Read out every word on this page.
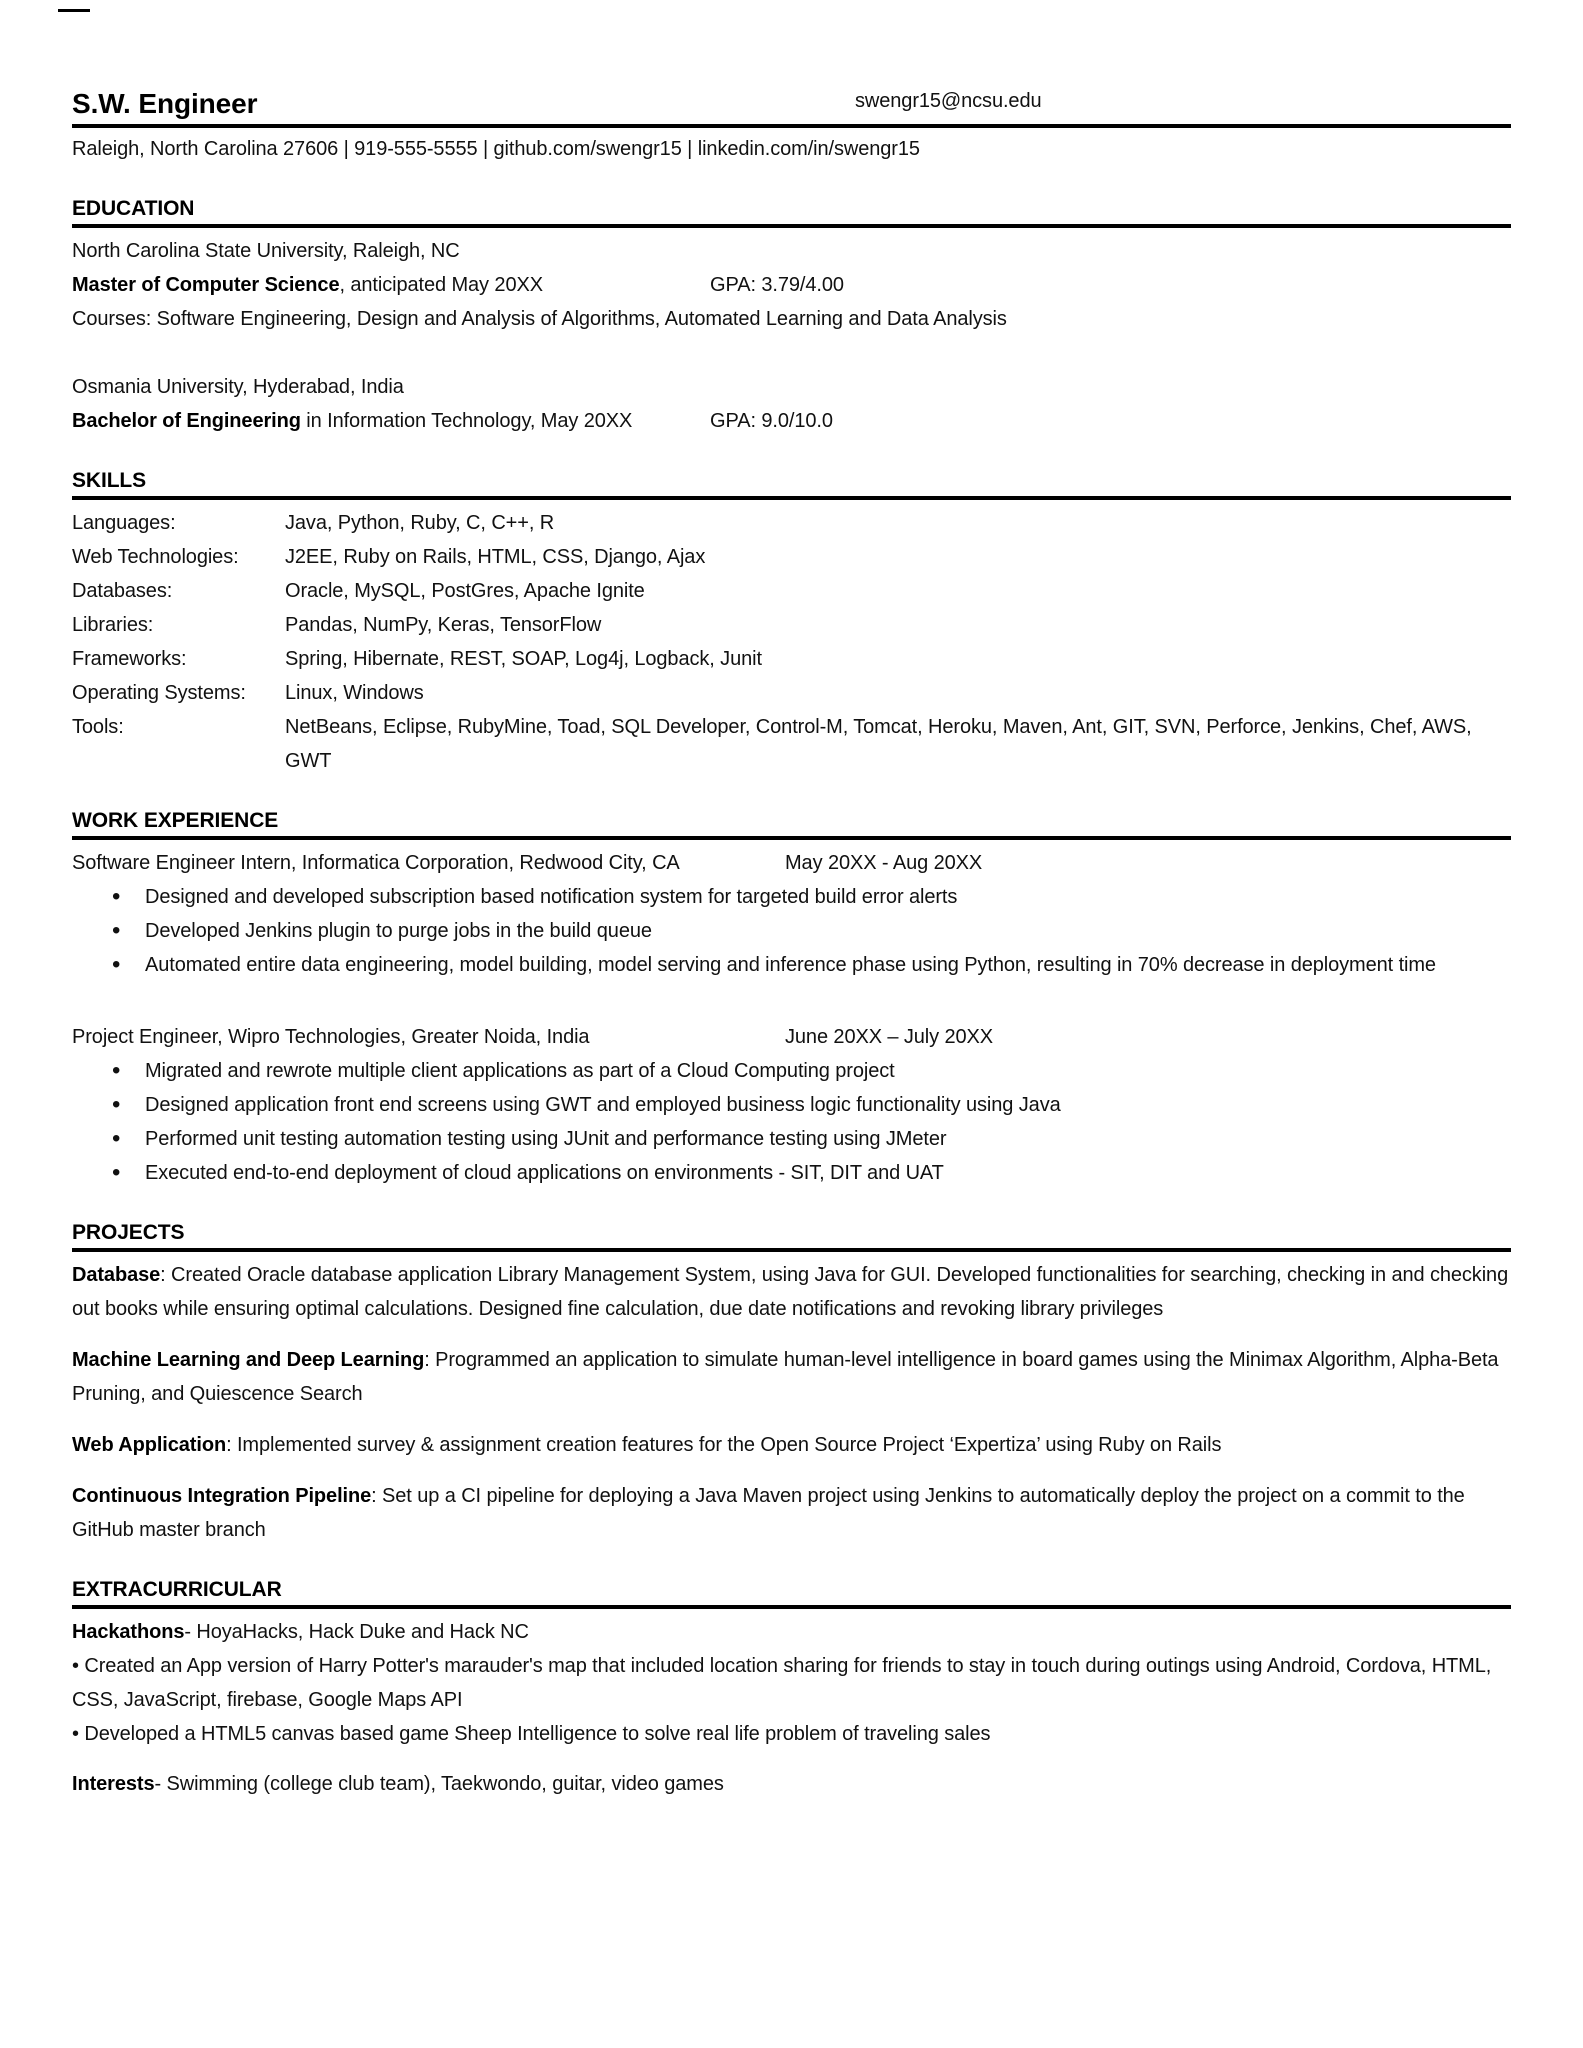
S.W. Engineer	swengr15@ncsu.edu

Raleigh, North Carolina 27606 | 919-555-5555 | github.com/swengr15 | linkedin.com/in/swengr15

EDUCATION

North Carolina State University, Raleigh, NC

Master of Computer Science, anticipated May 20XX	GPA: 3.79/4.00

Courses: Software Engineering, Design and Analysis of Algorithms, Automated Learning and Data Analysis

Osmania University, Hyderabad, India

Bachelor of Engineering in Information Technology, May 20XX	GPA: 9.0/10.0

SKILLS
Languages:	Java, Python, Ruby, C, C++, R
Web Technologies:	J2EE, Ruby on Rails, HTML, CSS, Django, Ajax
Databases:	Oracle, MySQL, PostGres, Apache Ignite
Libraries:	Pandas, NumPy, Keras, TensorFlow
Frameworks:	Spring, Hibernate, REST, SOAP, Log4j, Logback, Junit
Operating Systems:	Linux, Windows
Tools:	NetBeans, Eclipse, RubyMine, Toad, SQL Developer, Control-M, Tomcat, Heroku, Maven, Ant, GIT, SVN, Perforce, Jenkins, Chef, AWS, GWT
WORK EXPERIENCE

Software Engineer Intern, Informatica Corporation, Redwood City, CA	May 20XX - Aug 20XX

• Designed and developed subscription based notification system for targeted build error alerts
• Developed Jenkins plugin to purge jobs in the build queue
• Automated entire data engineering, model building, model serving and inference phase using Python, resulting in 70% decrease in deployment time

Project Engineer, Wipro Technologies, Greater Noida, India	June 20XX – July 20XX

• Migrated and rewrote multiple client applications as part of a Cloud Computing project
• Designed application front end screens using GWT and employed business logic functionality using Java
• Performed unit testing automation testing using JUnit and performance testing using JMeter
• Executed end-to-end deployment of cloud applications on environments - SIT, DIT and UAT
PROJECTS

Database: Created Oracle database application Library Management System, using Java for GUI. Developed functionalities for searching, checking in and checking out books while ensuring optimal calculations. Designed fine calculation, due date notifications and revoking library privileges

Machine Learning and Deep Learning: Programmed an application to simulate human-level intelligence in board games using the Minimax Algorithm, Alpha-Beta Pruning, and Quiescence Search

Web Application: Implemented survey & assignment creation features for the Open Source Project ‘Expertiza’ using Ruby on Rails

Continuous Integration Pipeline: Set up a CI pipeline for deploying a Java Maven project using Jenkins to automatically deploy the project on a commit to the GitHub master branch

EXTRACURRICULAR

Hackathons- HoyaHacks, Hack Duke and Hack NC

• Created an App version of Harry Potter's marauder's map that included location sharing for friends to stay in touch during outings using Android, Cordova, HTML, CSS, JavaScript, firebase, Google Maps API

• Developed a HTML5 canvas based game Sheep Intelligence to solve real life problem of traveling sales

Interests- Swimming (college club team), Taekwondo, guitar, video games
